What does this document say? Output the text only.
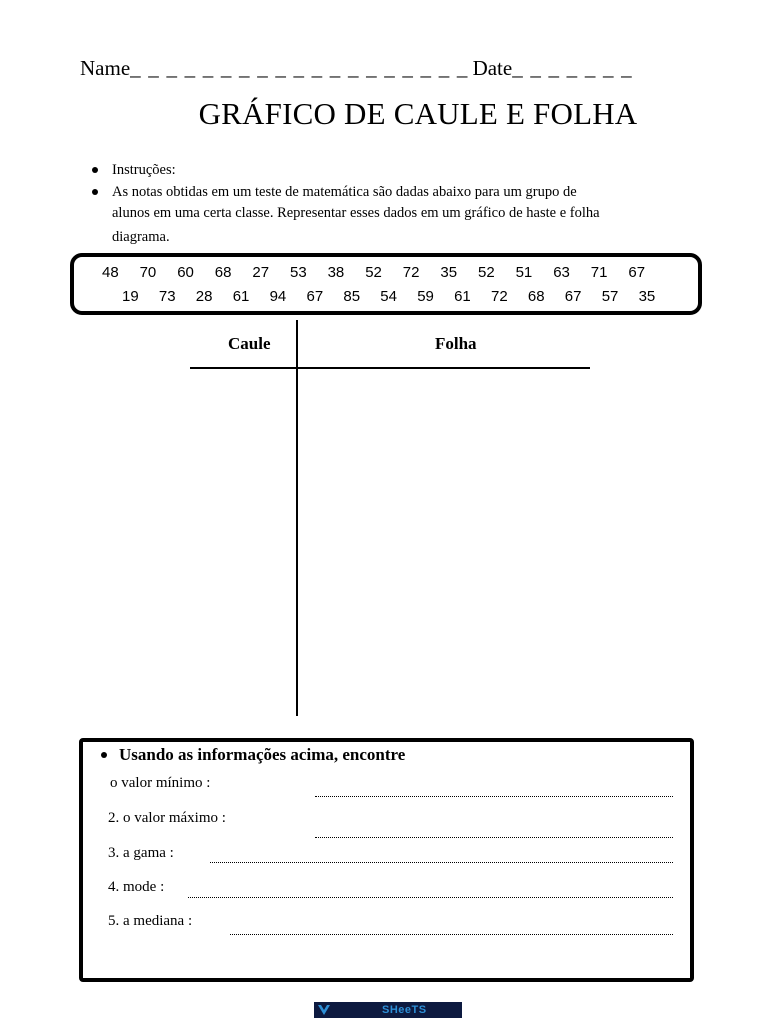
Name _ _ _ _ _ _ _ _ _ _ _ _ _ _ _ _ _ _ _ Date _ _ _ _ _ _ _
GRÁFICO DE CAULE E FOLHA
Instruções:
As notas obtidas em um teste de matemática são dadas abaixo para um grupo de
alunos em uma certa classe. Representar esses dados em um gráfico de haste e folha
diagrama.
48 70 60 68 27 53 38 52 72 35 52 51 63 71 67
19 73 28 61 94 67 85 54 59 61 72 68 67 57 35
Caule	Folha
Usando as informações acima, encontre
o valor mínimo :
2. o valor máximo :
3. a gama :
4. mode :
5. a mediana :
SHeeTS
